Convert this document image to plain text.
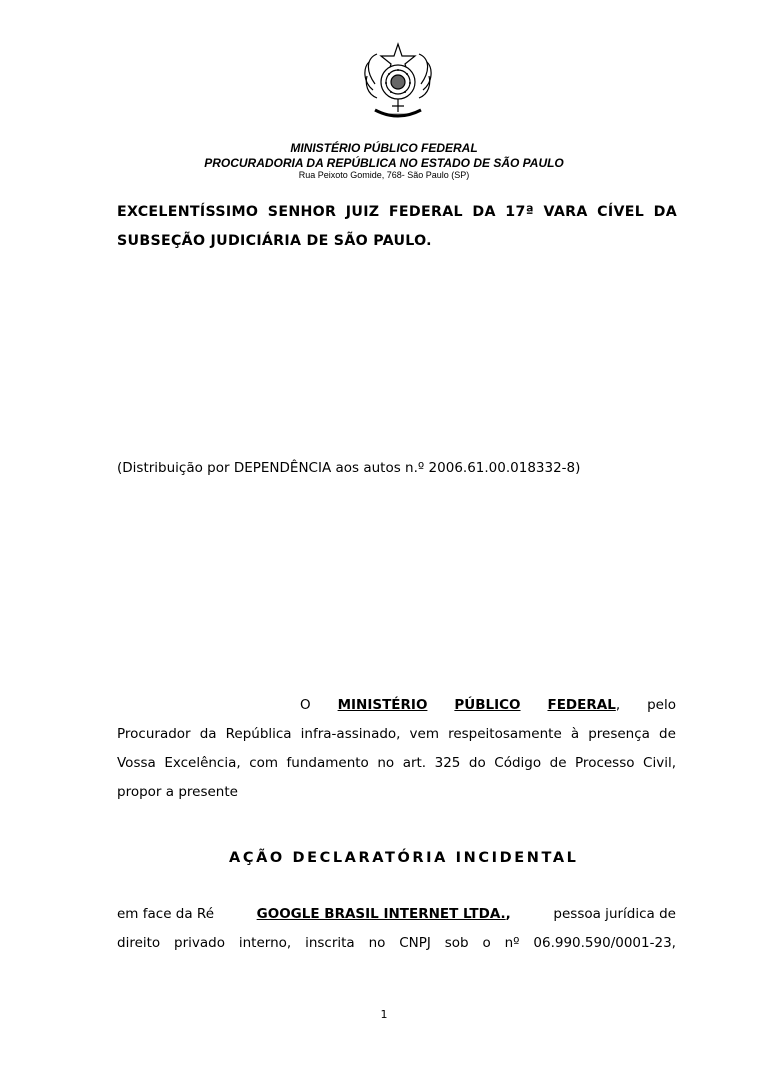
MINISTÉRIO PÚBLICO FEDERAL
PROCURADORIA DA REPÚBLICA NO ESTADO DE SÃO PAULO
Rua Peixoto Gomide, 768- São Paulo (SP)
EXCELENTÍSSIMO SENHOR JUIZ FEDERAL DA 17ª VARA CÍVEL DA
SUBSEÇÃO JUDICIÁRIA DE SÃO PAULO.
(Distribuição por DEPENDÊNCIA aos autos n.º 2006.61.00.018332-8)
O MINISTÉRIO PÚBLICO FEDERAL, pelo
Procurador da República infra-assinado, vem respeitosamente à presença de
Vossa Excelência, com fundamento no art. 325 do Código de Processo Civil,
propor a presente
AÇÃO DECLARATÓRIA INCIDENTAL
em face da Ré	GOOGLE BRASIL INTERNET LTDA.,	pessoa jurídica de
direito privado interno, inscrita no CNPJ sob o nº 06.990.590/0001-23,
1
